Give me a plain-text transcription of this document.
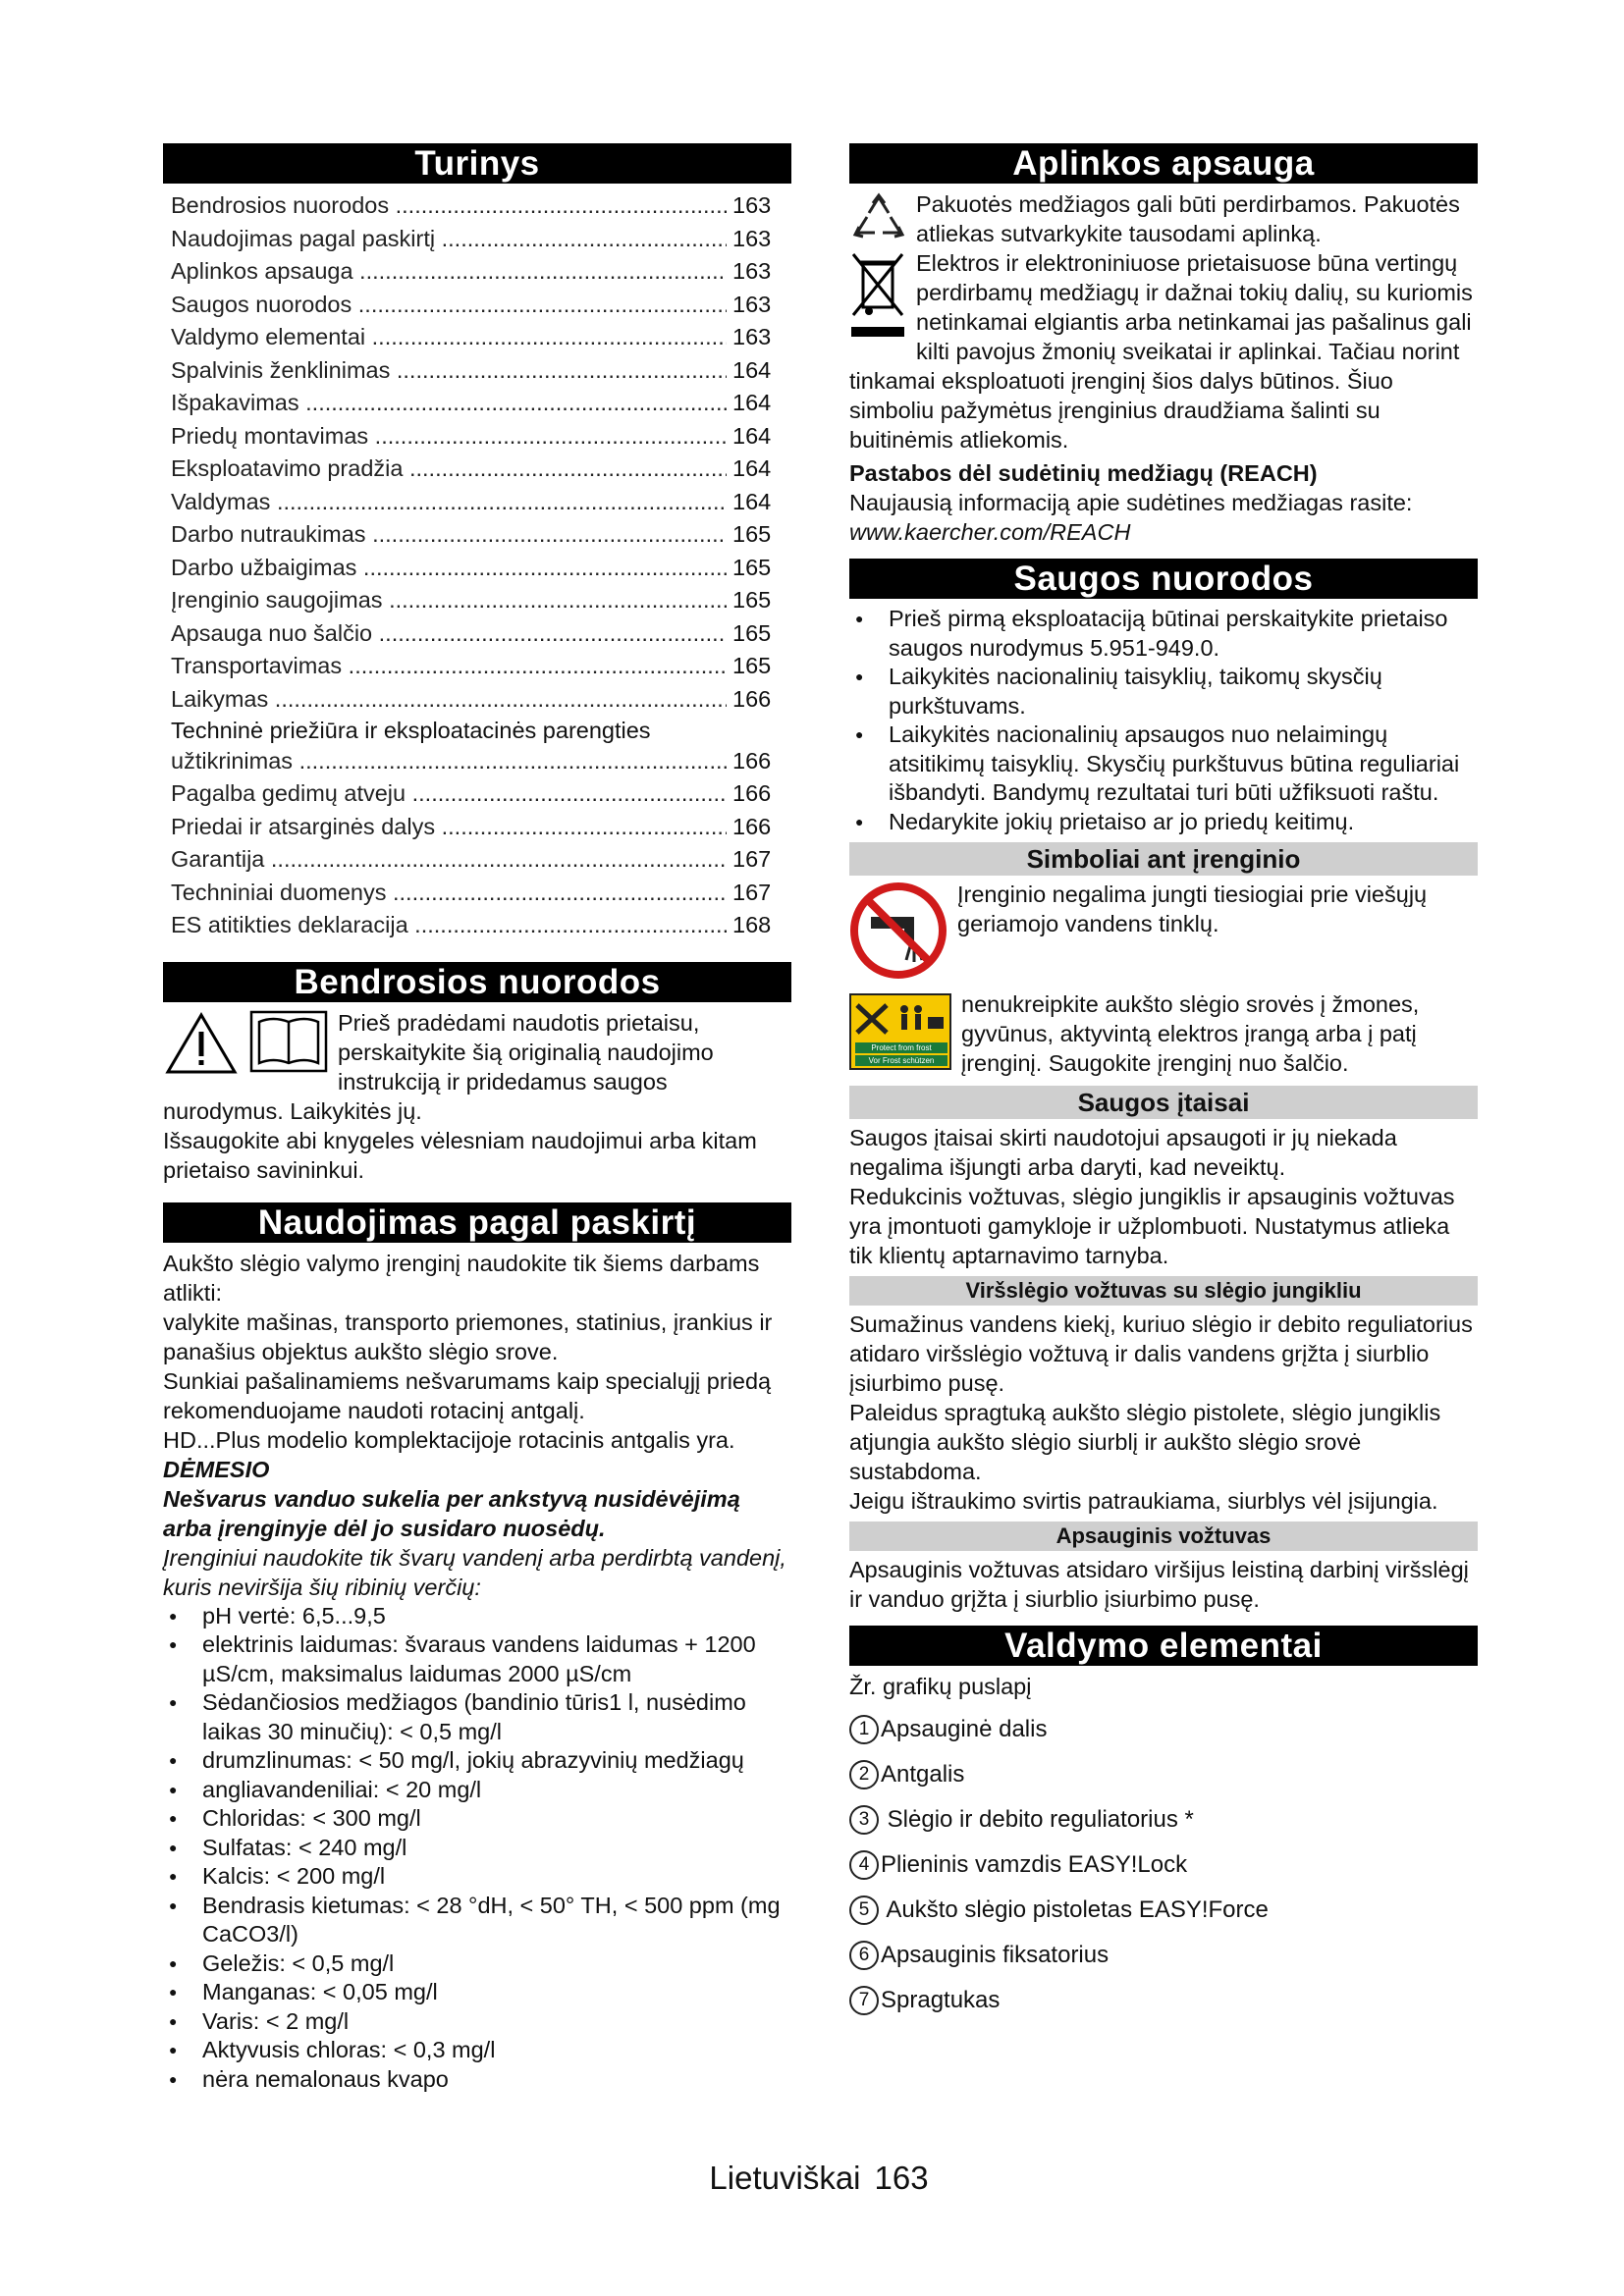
Turinys
Bendrosios nuorodos .....	163
Naudojimas pagal paskirtį .....	163
Aplinkos apsauga .....	163
Saugos nuorodos .....	163
Valdymo elementai .....	163
Spalvinis ženklinimas .....	164
Išpakavimas .....	164
Priedų montavimas .....	164
Eksploatavimo pradžia .....	164
Valdymas .....	164
Darbo nutraukimas .....	165
Darbo užbaigimas .....	165
Įrenginio saugojimas .....	165
Apsauga nuo šalčio .....	165
Transportavimas .....	165
Laikymas .....	166
Techninė priežiūra ir eksploatacinės parengties
užtikrinimas .....	166
Pagalba gedimų atveju .....	166
Priedai ir atsarginės dalys .....	166
Garantija .....	167
Techniniai duomenys .....	167
ES atitikties deklaracija .....	168
Bendrosios nuorodos

Prieš pradėdami naudotis prietaisu, perskaitykite šią originalią naudojimo instrukciją ir pridedamus saugos nurodymus. Laikykitės jų.

Išsaugokite abi knygeles vėlesniam naudojimui arba kitam prietaiso savininkui.

Naudojimas pagal paskirtį

Aukšto slėgio valymo įrenginį naudokite tik šiems darbams atlikti:

valykite mašinas, transporto priemones, statinius, įrankius ir panašius objektus aukšto slėgio srove.

Sunkiai pašalinamiems nešvarumams kaip specialųjį priedą rekomenduojame naudoti rotacinį antgalį.

HD...Plus modelio komplektacijoje rotacinis antgalis yra.

DĖMESIO

Nešvarus vanduo sukelia per ankstyvą nusidėvėjimą arba įrenginyje dėl jo susidaro nuosėdų.

Įrenginiui naudokite tik švarų vandenį arba perdirbtą vandenį, kuris neviršija šių ribinių verčių:

● pH vertė: 6,5...9,5
● elektrinis laidumas: švaraus vandens laidumas + 1200 µS/cm, maksimalus laidumas 2000 µS/cm
● Sėdančiosios medžiagos (bandinio tūris1 l, nusėdimo laikas 30 minučių): < 0,5 mg/l
● drumzlinumas: < 50 mg/l, jokių abrazyvinių medžiagų
● angliavandeniliai: < 20 mg/l
● Chloridas: < 300 mg/l
● Sulfatas: < 240 mg/l
● Kalcis: < 200 mg/l
● Bendrasis kietumas: < 28 °dH, < 50° TH, < 500 ppm (mg CaCO3/l)
● Geležis: < 0,5 mg/l
● Manganas: < 0,05 mg/l
● Varis: < 2 mg/l
● Aktyvusis chloras: < 0,3 mg/l
● nėra nemalonaus kvapo
Aplinkos apsauga

Pakuotės medžiagos gali būti perdirbamos. Pakuotės atliekas sutvarkykite tausodami aplinką.

Elektros ir elektroniniuose prietaisuose būna vertingų perdirbamų medžiagų ir dažnai tokių dalių, su kuriomis netinkamai elgiantis arba netinkamai jas pašalinus gali kilti pavojus žmonių sveikatai ir aplinkai. Tačiau norint tinkamai eksploatuoti įrenginį šios dalys būtinos. Šiuo simboliu pažymėtus įrenginius draudžiama šalinti su buitinėmis atliekomis.

Pastabos dėl sudėtinių medžiagų (REACH)

Naujausią informaciją apie sudėtines medžiagas rasite:

www.kaercher.com/REACH

Saugos nuorodos
● Prieš pirmą eksploataciją būtinai perskaitykite prietaiso saugos nurodymus 5.951-949.0.
● Laikykitės nacionalinių taisyklių, taikomų skysčių purkštuvams.
● Laikykitės nacionalinių apsaugos nuo nelaimingų atsitikimų taisyklių. Skysčių purkštuvus būtina reguliariai išbandyti. Bandymų rezultatai turi būti užfiksuoti raštu.
● Nedarykite jokių prietaiso ar jo priedų keitimų.
Simboliai ant įrenginio

Įrenginio negalima jungti tiesiogiai prie viešųjų geriamojo vandens tinklų.

Protect from frost
Vor Frost schützen
nenukreipkite aukšto slėgio srovės į žmones, gyvūnus, aktyvintą elektros įrangą arba į patį įrenginį. Saugokite įrenginį nuo šalčio.

Saugos įtaisai

Saugos įtaisai skirti naudotojui apsaugoti ir jų niekada negalima išjungti arba daryti, kad neveiktų.

Redukcinis vožtuvas, slėgio jungiklis ir apsauginis vožtuvas yra įmontuoti gamykloje ir užplombuoti. Nustatymus atlieka tik klientų aptarnavimo tarnyba.

Viršslėgio vožtuvas su slėgio jungikliu

Sumažinus vandens kiekį, kuriuo slėgio ir debito reguliatorius atidaro viršslėgio vožtuvą ir dalis vandens grįžta į siurblio įsiurbimo pusę.

Paleidus spragtuką aukšto slėgio pistolete, slėgio jungiklis atjungia aukšto slėgio siurblį ir aukšto slėgio srovė sustabdoma.

Jeigu ištraukimo svirtis patraukiama, siurblys vėl įsijungia.

Apsauginis vožtuvas

Apsauginis vožtuvas atsidaro viršijus leistiną darbinį viršslėgį ir vanduo grįžta į siurblio įsiurbimo pusę.

Valdymo elementai

Žr. grafikų puslapį

1 Apsauginė dalis
2 Antgalis
3 Slėgio ir debito reguliatorius *
4 Plieninis vamzdis EASY!Lock
5 Aukšto slėgio pistoletas EASY!Force
6 Apsauginis fiksatorius
7 Spragtukas
Lietuviškai 163
